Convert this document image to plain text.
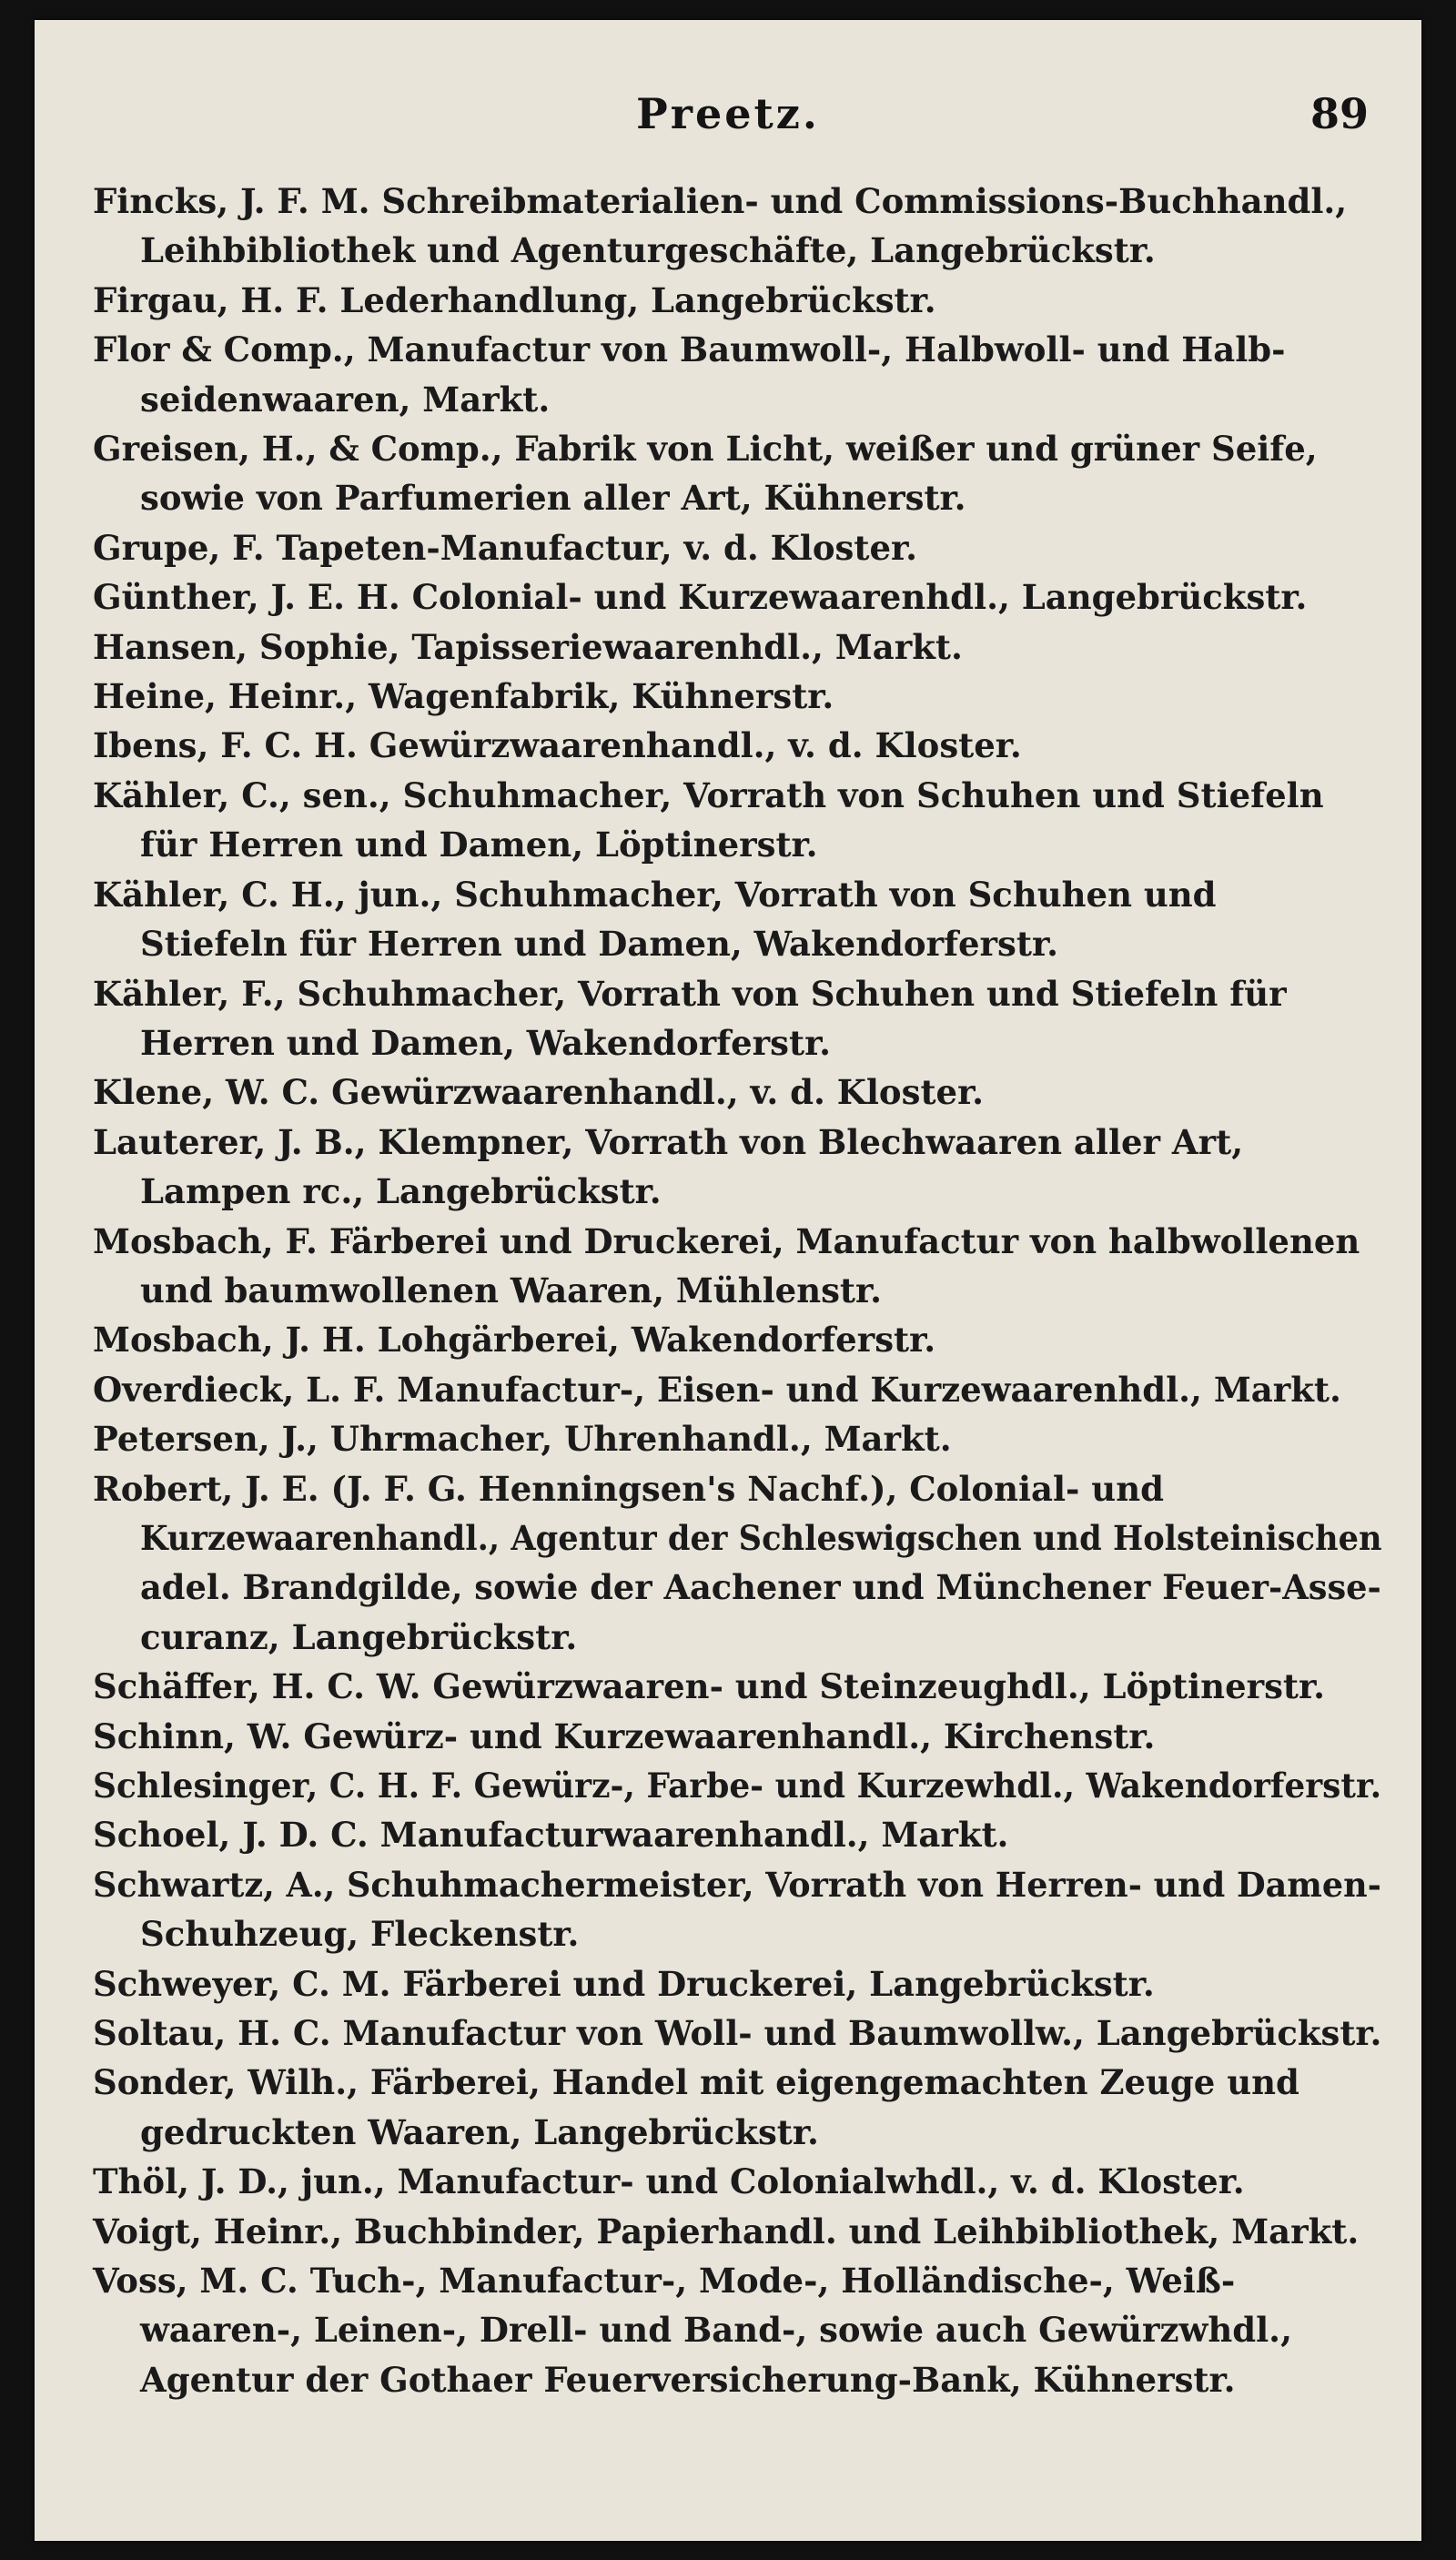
Preetz.	89
Fincks, J. F. M. Schreibmaterialien- und Commissions-Buchhandl.,
Leihbibliothek und Agenturgeschäfte, Langebrückstr.
Firgau, H. F. Lederhandlung, Langebrückstr.
Flor & Comp., Manufactur von Baumwoll-, Halbwoll- und Halb-
seidenwaaren, Markt.
Greisen, H., & Comp., Fabrik von Licht, weißer und grüner Seife,
sowie von Parfumerien aller Art, Kühnerstr.
Grupe, F. Tapeten-Manufactur, v. d. Kloster.
Günther, J. E. H. Colonial- und Kurzewaarenhdl., Langebrückstr.
Hansen, Sophie, Tapisseriewaarenhdl., Markt.
Heine, Heinr., Wagenfabrik, Kühnerstr.
Ibens, F. C. H. Gewürzwaarenhandl., v. d. Kloster.
Kähler, C., sen., Schuhmacher, Vorrath von Schuhen und Stiefeln
für Herren und Damen, Löptinerstr.
Kähler, C. H., jun., Schuhmacher, Vorrath von Schuhen und
Stiefeln für Herren und Damen, Wakendorferstr.
Kähler, F., Schuhmacher, Vorrath von Schuhen und Stiefeln für
Herren und Damen, Wakendorferstr.
Klene, W. C. Gewürzwaarenhandl., v. d. Kloster.
Lauterer, J. B., Klempner, Vorrath von Blechwaaren aller Art,
Lampen rc., Langebrückstr.
Mosbach, F. Färberei und Druckerei, Manufactur von halbwollenen
und baumwollenen Waaren, Mühlenstr.
Mosbach, J. H. Lohgärberei, Wakendorferstr.
Overdieck, L. F. Manufactur-, Eisen- und Kurzewaarenhdl., Markt.
Petersen, J., Uhrmacher, Uhrenhandl., Markt.
Robert, J. E. (J. F. G. Henningsen's Nachf.), Colonial- und
Kurzewaarenhandl., Agentur der Schleswigschen und Holsteinischen
adel. Brandgilde, sowie der Aachener und Münchener Feuer-Asse-
curanz, Langebrückstr.
Schäffer, H. C. W. Gewürzwaaren- und Steinzeughdl., Löptinerstr.
Schinn, W. Gewürz- und Kurzewaarenhandl., Kirchenstr.
Schlesinger, C. H. F. Gewürz-, Farbe- und Kurzewhdl., Wakendorferstr.
Schoel, J. D. C. Manufacturwaarenhandl., Markt.
Schwartz, A., Schuhmachermeister, Vorrath von Herren- und Damen-
Schuhzeug, Fleckenstr.
Schweyer, C. M. Färberei und Druckerei, Langebrückstr.
Soltau, H. C. Manufactur von Woll- und Baumwollw., Langebrückstr.
Sonder, Wilh., Färberei, Handel mit eigengemachten Zeuge und
gedruckten Waaren, Langebrückstr.
Thöl, J. D., jun., Manufactur- und Colonialwhdl., v. d. Kloster.
Voigt, Heinr., Buchbinder, Papierhandl. und Leihbibliothek, Markt.
Voss, M. C. Tuch-, Manufactur-, Mode-, Holländische-, Weiß-
waaren-, Leinen-, Drell- und Band-, sowie auch Gewürzwhdl.,
Agentur der Gothaer Feuerversicherung-Bank, Kühnerstr.
